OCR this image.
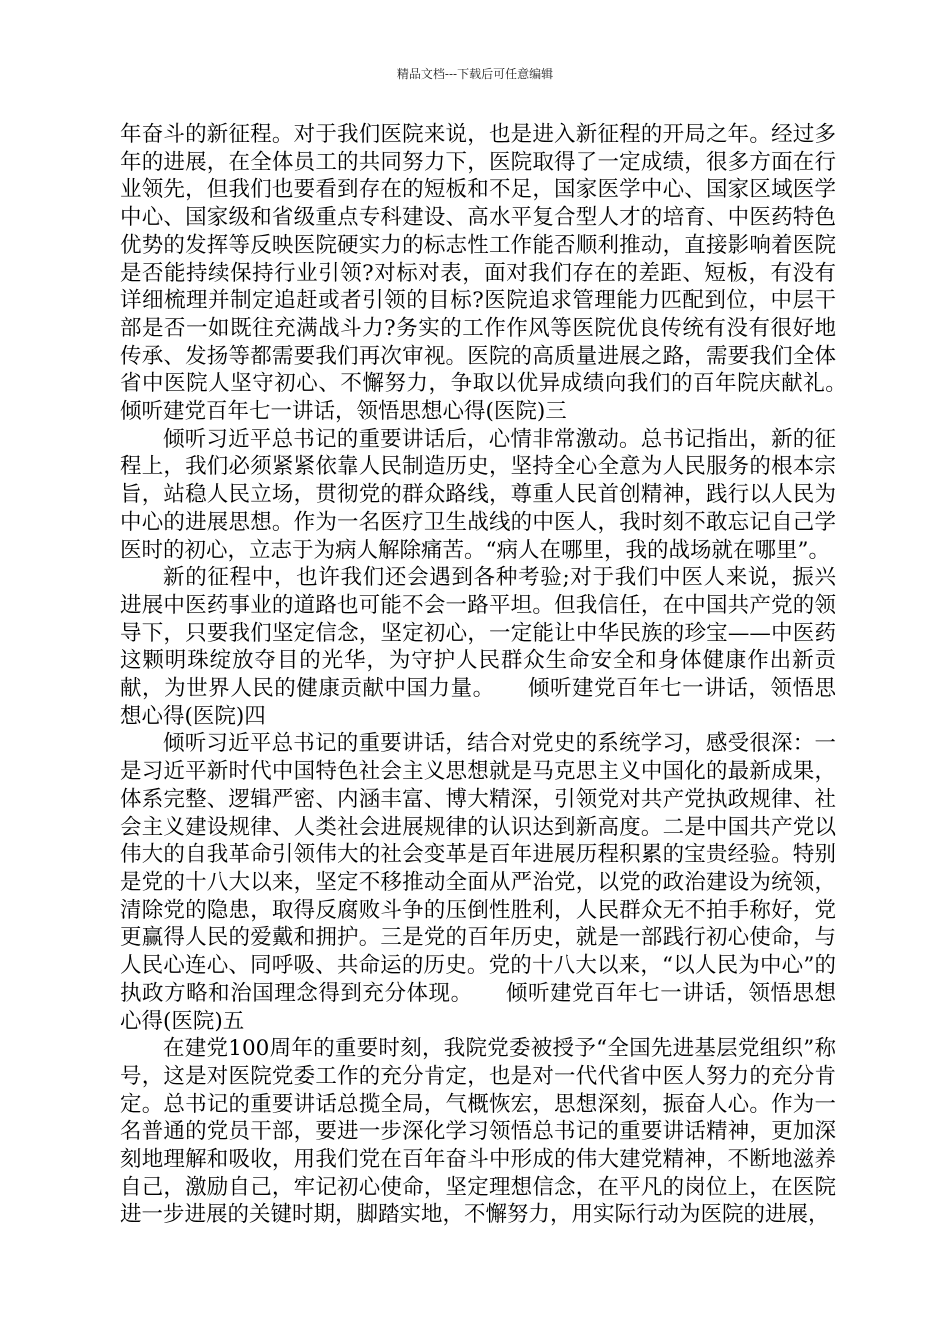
精品文档---下载后可任意编辑

年奋斗的新征程。对于我们医院来说，也是进入新征程的开局之年。经过多年的进展，在全体员工的共同努力下，医院取得了一定成绩，很多方面在行业领先，但我们也要看到存在的短板和不足，国家医学中心、国家区域医学中心、国家级和省级重点专科建设、高水平复合型人才的培育、中医药特色优势的发挥等反映医院硬实力的标志性工作能否顺利推动，直接影响着医院是否能持续保持行业引领?对标对表，面对我们存在的差距、短板，有没有详细梳理并制定追赶或者引领的目标?医院追求管理能力匹配到位，中层干部是否一如既往充满战斗力?务实的工作作风等医院优良传统有没有很好地传承、发扬等都需要我们再次审视。医院的高质量进展之路，需要我们全体省中医院人坚守初心、不懈努力，争取以优异成绩向我们的百年院庆献礼。　　倾听建党百年七一讲话，领悟思想心得(医院)三

倾听习近平总书记的重要讲话后，心情非常激动。总书记指出，新的征程上，我们必须紧紧依靠人民制造历史，坚持全心全意为人民服务的根本宗旨，站稳人民立场，贯彻党的群众路线，尊重人民首创精神，践行以人民为中心的进展思想。作为一名医疗卫生战线的中医人，我时刻不敢忘记自己学医时的初心，立志于为病人解除痛苦。“病人在哪里，我的战场就在哪里”。

新的征程中，也许我们还会遇到各种考验;对于我们中医人来说，振兴进展中医药事业的道路也可能不会一路平坦。但我信任，在中国共产党的领导下，只要我们坚定信念，坚定初心，一定能让中华民族的珍宝——中医药这颗明珠绽放夺目的光华，为守护人民群众生命安全和身体健康作出新贡献，为世界人民的健康贡献中国力量。　　倾听建党百年七一讲话，领悟思想心得(医院)四

倾听习近平总书记的重要讲话，结合对党史的系统学习，感受很深：一是习近平新时代中国特色社会主义思想就是马克思主义中国化的最新成果，体系完整、逻辑严密、内涵丰富、博大精深，引领党对共产党执政规律、社会主义建设规律、人类社会进展规律的认识达到新高度。二是中国共产党以伟大的自我革命引领伟大的社会变革是百年进展历程积累的宝贵经验。特别是党的十八大以来，坚定不移推动全面从严治党，以党的政治建设为统领，清除党的隐患，取得反腐败斗争的压倒性胜利，人民群众无不拍手称好，党更赢得人民的爱戴和拥护。三是党的百年历史，就是一部践行初心使命，与人民心连心、同呼吸、共命运的历史。党的十八大以来，“以人民为中心”的执政方略和治国理念得到充分体现。　　倾听建党百年七一讲话，领悟思想心得(医院)五

在建党100周年的重要时刻，我院党委被授予“全国先进基层党组织”称号，这是对医院党委工作的充分肯定，也是对一代代省中医人努力的充分肯定。总书记的重要讲话总揽全局，气概恢宏，思想深刻，振奋人心。作为一名普通的党员干部，要进一步深化学习领悟总书记的重要讲话精神，更加深刻地理解和吸收，用我们党在百年奋斗中形成的伟大建党精神，不断地滋养自己，激励自己，牢记初心使命，坚定理想信念，在平凡的岗位上，在医院进一步进展的关键时期，脚踏实地，不懈努力，用实际行动为医院的进展，
